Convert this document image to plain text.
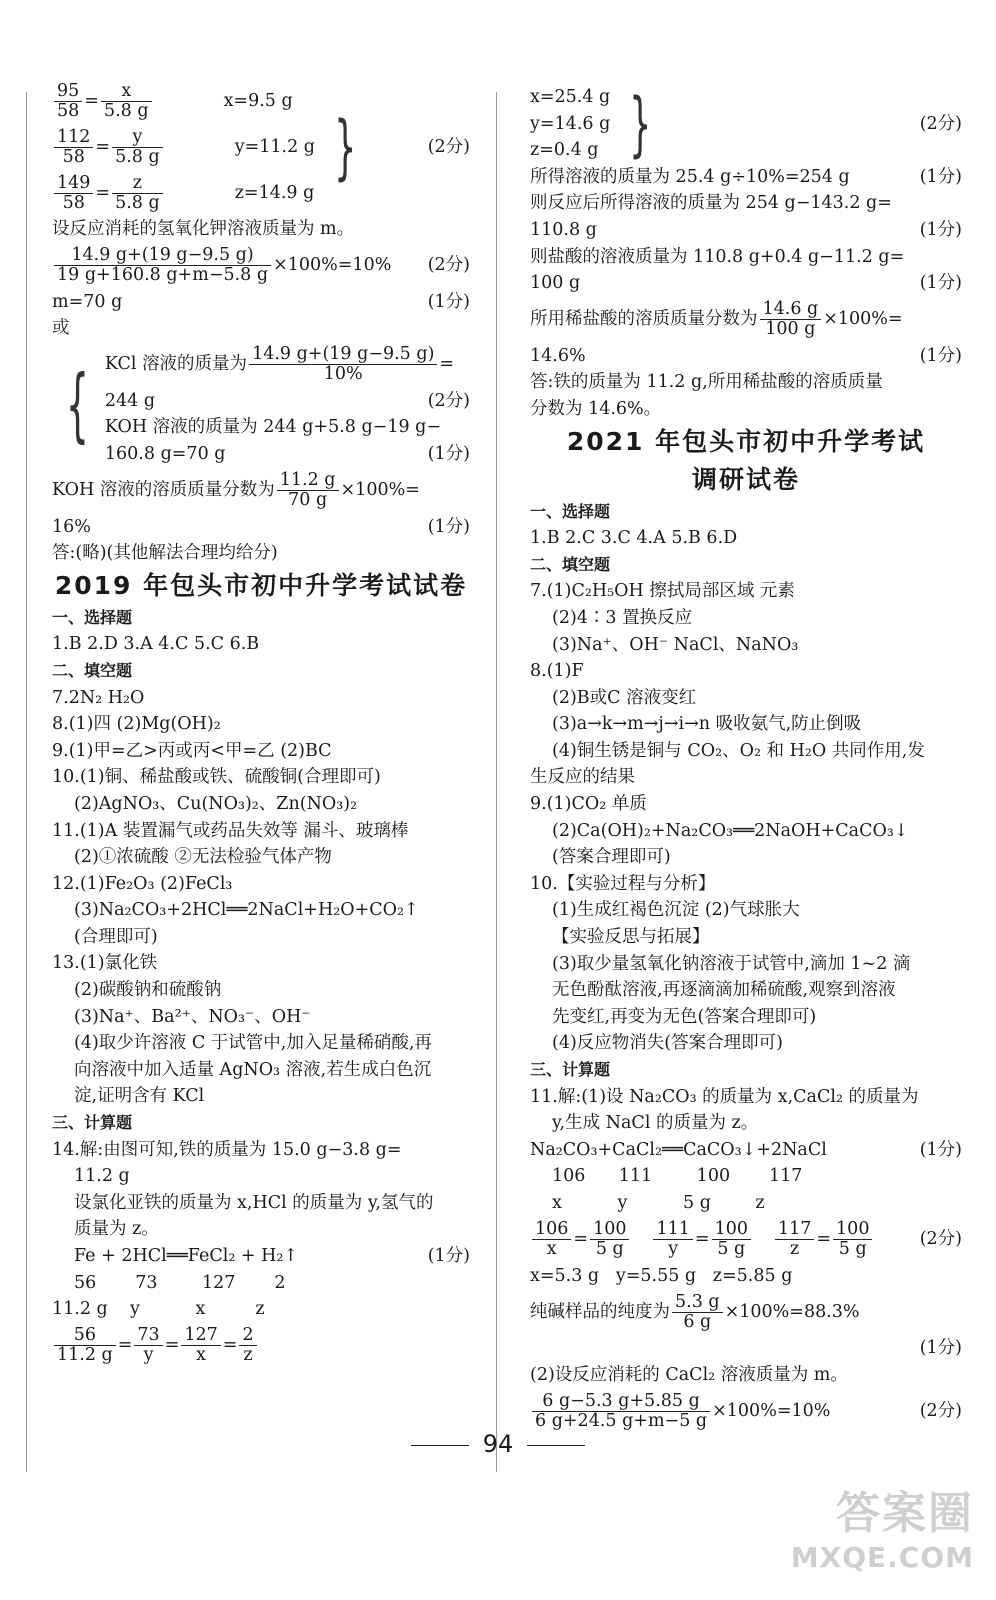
$\frac{95}{58} = \frac{x}{5.8 g}$	x=9.5 g
$\frac{112}{58} = \frac{y}{5.8 g}$	y=11.2 g
$\frac{149}{58} = \frac{z}{5.8 g}$	z=14.9 g
}	(2分)
设反应消耗的氢氧化钾溶液质量为 m。
$\frac{14.9 g+(19 g-9.5 g)}{19 g+160.8 g+m-5.8 g} \times 100\%=10\%$ (2分)
m=70 g	(1分)
或
{ KCl 溶液的质量为 $\frac{14.9 g+(19 g-9.5 g)}{10\%}$ =
244 g	(2分)
KOH 溶液的质量为 244 g+5.8 g−19 g−
160.8 g=70 g	(1分)
KOH 溶液的溶质质量分数为 $\frac{11.2 g}{70 g} \times 100\%=$
16%	(1分)
答:(略)(其他解法合理均给分)
2019 年包头市初中升学考试试卷
一、选择题
1.B 2.D 3.A 4.C 5.C 6.B
二、填空题
7.2N₂ H₂O
8.(1)四 (2)Mg(OH)₂
9.(1)甲=乙>丙或丙<甲=乙 (2)BC
10.(1)铜、稀盐酸或铁、硫酸铜(合理即可)
(2)AgNO₃、Cu(NO₃)₂、Zn(NO₃)₂
11.(1)A 装置漏气或药品失效等 漏斗、玻璃棒
(2)①浓硫酸 ②无法检验气体产物
12.(1)Fe₂O₃ (2)FeCl₃
(3)Na₂CO₃+2HCl══2NaCl+H₂O+CO₂↑
(合理即可)
13.(1)氯化铁
(2)碳酸钠和硫酸钠
(3)Na⁺、Ba²⁺、NO₃⁻、OH⁻
(4)取少许溶液 C 于试管中,加入足量稀硝酸,再
向溶液中加入适量 AgNO₃ 溶液,若生成白色沉
淀,证明含有 KCl
三、计算题
14.解:由图可知,铁的质量为 15.0 g−3.8 g=
11.2 g
设氯化亚铁的质量为 x,HCl 的质量为 y,氢气的
质量为 z。
Fe + 2HCl══FeCl₂ + H₂↑	(1分)
56       73        127       2
11.2 g    y          x         z
$\frac{56}{11.2 g} = \frac{73}{y} = \frac{127}{x} = \frac{2}{z}$
x=25.4 g
y=14.6 g
z=0.4 g }	(2分)
所得溶液的质量为 25.4 g÷10%=254 g	(1分)
则反应后所得溶液的质量为 254 g−143.2 g=
110.8 g	(1分)
则盐酸的溶液质量为 110.8 g+0.4 g−11.2 g=
100 g	(1分)
所用稀盐酸的溶质质量分数为 $\frac{14.6 g}{100 g} \times 100\%=$
14.6%	(1分)
答:铁的质量为 11.2 g,所用稀盐酸的溶质质量
分数为 14.6%。
2021 年包头市初中升学考试
调研试卷
一、选择题
1.B 2.C 3.C 4.A 5.B 6.D
二、填空题
7.(1)C₂H₅OH 擦拭局部区域 元素
(2)4∶3 置换反应
(3)Na⁺、OH⁻ NaCl、NaNO₃
8.(1)F
(2)B或C 溶液变红
(3)a→k→m→j→i→n 吸收氨气,防止倒吸
(4)铜生锈是铜与 CO₂、O₂ 和 H₂O 共同作用,发
生反应的结果
9.(1)CO₂ 单质
(2)Ca(OH)₂+Na₂CO₃══2NaOH+CaCO₃↓
(答案合理即可)
10.【实验过程与分析】
(1)生成红褐色沉淀 (2)气球胀大
【实验反思与拓展】
(3)取少量氢氧化钠溶液于试管中,滴加 1~2 滴
无色酚酞溶液,再逐滴滴加稀硫酸,观察到溶液
先变红,再变为无色(答案合理即可)
(4)反应物消失(答案合理即可)
三、计算题
11.解:(1)设 Na₂CO₃ 的质量为 x,CaCl₂ 的质量为
y,生成 NaCl 的质量为 z。
Na₂CO₃+CaCl₂══CaCO₃↓+2NaCl	(1分)
106      111        100       117
x          y          5 g        z
$\frac{106}{x} = \frac{100}{5 g} \frac{111}{y} = \frac{100}{5 g} \frac{117}{z} = \frac{100}{5 g}$	(2分)
x=5.3 g   y=5.55 g   z=5.85 g
纯碱样品的纯度为 $\frac{5.3 g}{6 g} \times 100\%=88.3\%$
(1分)
(2)设反应消耗的 CaCl₂ 溶液质量为 m。
$\frac{6 g-5.3 g+5.85 g}{6 g+24.5 g+m-5 g} \times 100\%=10\%$	(2分)
94
答案圈
MXQE.COM
